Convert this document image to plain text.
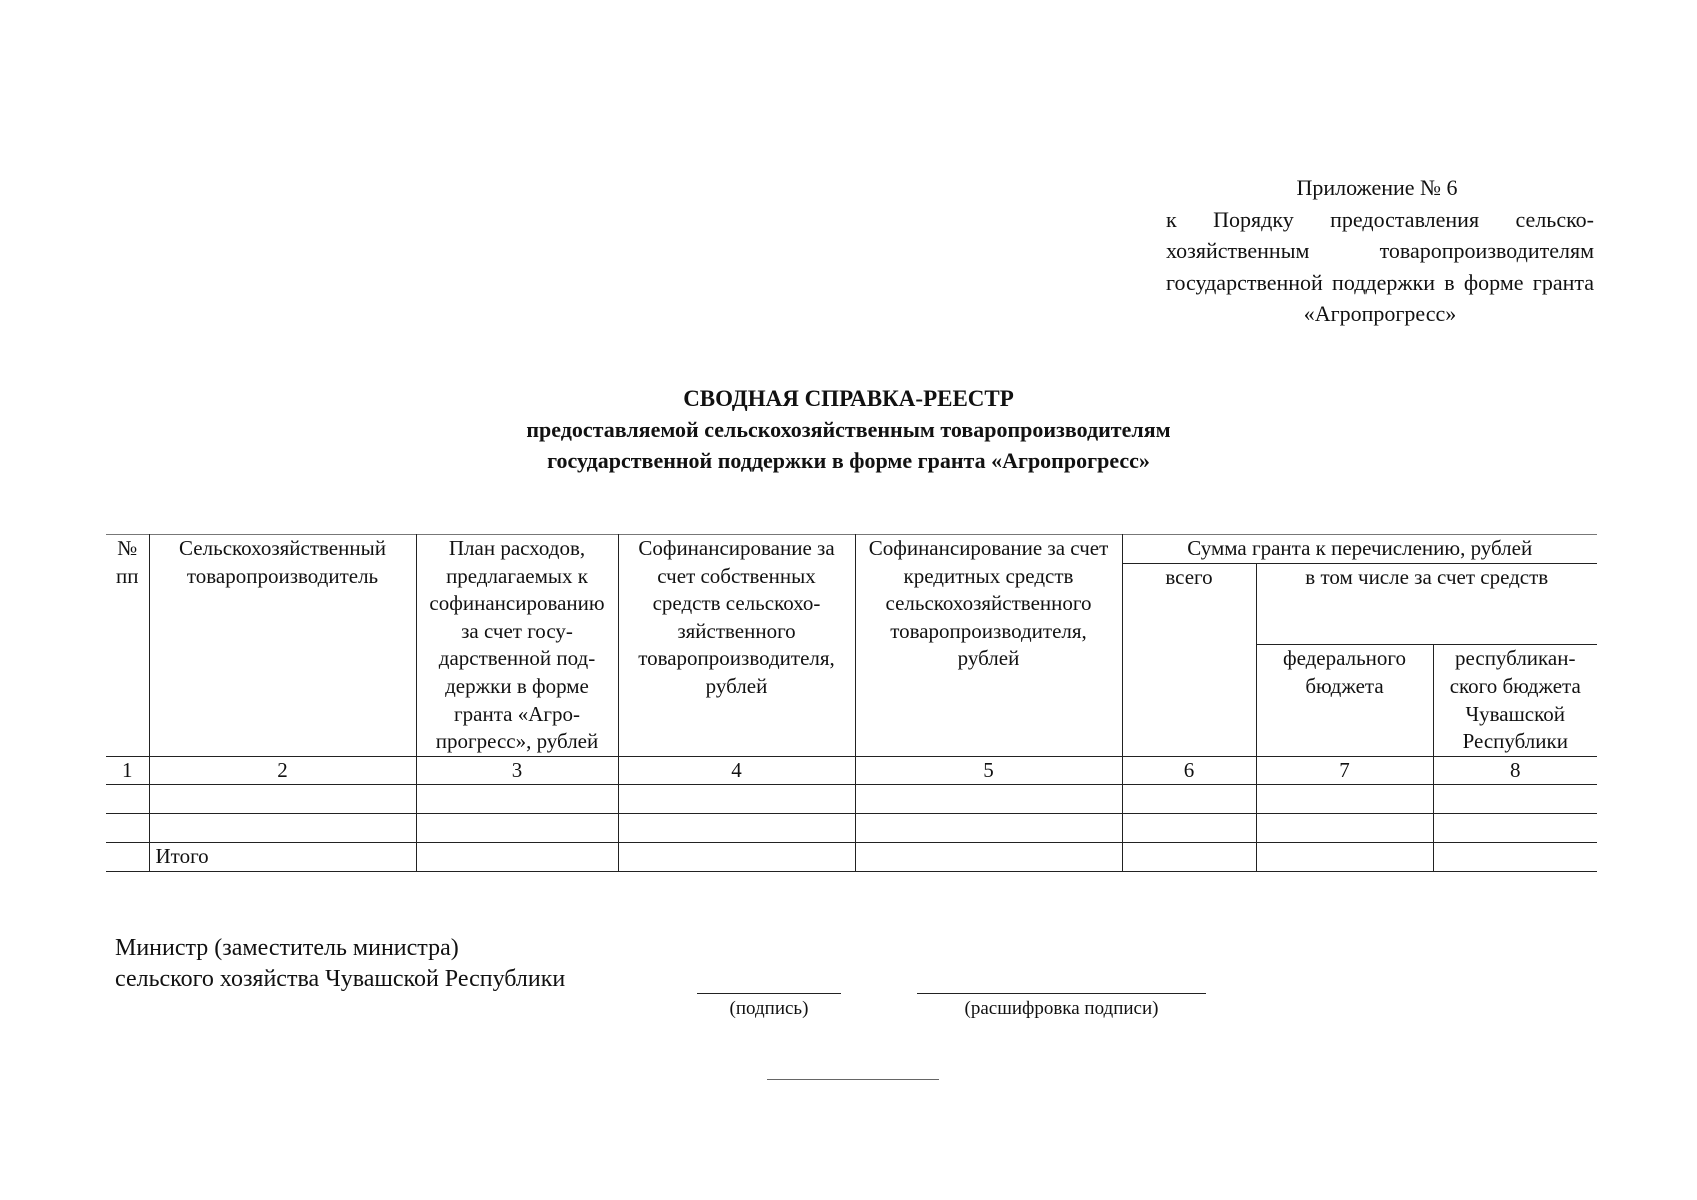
Приложение № 6
к Порядку предоставления сельскохозяйственным товаропроизводителям государственной поддержки в форме гранта «Агропрогресс»
СВОДНАЯ СПРАВКА-РЕЕСТР
предоставляемой сельскохозяйственным товаропроизводителям
государственной поддержки в форме гранта «Агропрогресс»
№ пп	Сельскохозяйственный товаропроизводитель	План расходов, предлагаемых к софинансированию за счет государственной поддержки в форме гранта «Агропрогресс», рублей	Софинансирование за счет собственных средств сельскохозяйственного товаропроизводителя, рублей	Софинансирование за счет кредитных средств сельскохозяйственного товаропроизводителя, рублей	Сумма гранта к перечислению, рублей		
					всего	в том числе за счет средств	
						федерального бюджета	республиканского бюджета Чувашской Республики
1	2	3	4	5	6	7	8

	Итого						
Министр (заместитель министра)
сельского хозяйства Чувашской Республики
(подпись)	(расшифровка подписи)
